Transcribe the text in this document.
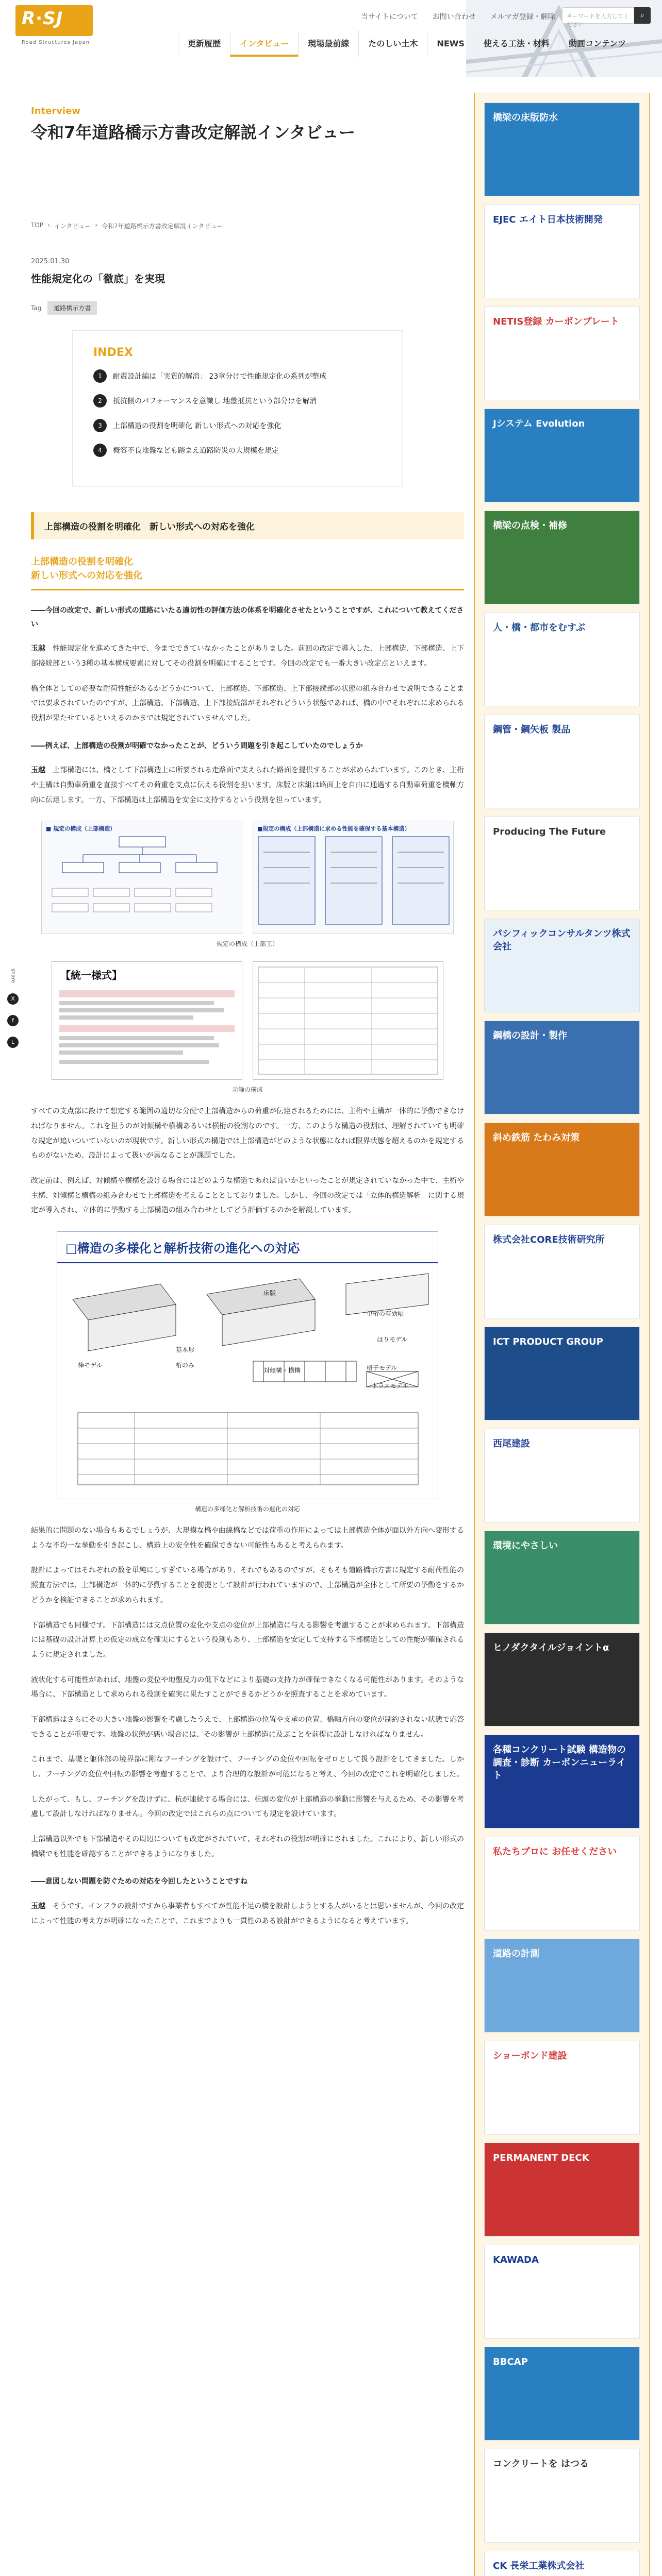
R∙SJ
Road Structures Japan
当サイトについて お問い合わせ メルマガ登録・解除	キーワードを入力してください
⌕
更新履歴	インタビュー	現場最前線	たのしい土木	NEWS	使える工法・材料	動画コンテンツ
Interview
令和7年道路橋示方書改定解説インタビュー
TOP › インタビュー › 令和7年道路橋示方書改定解説インタビュー
share
X
f
L
2025.01.30
性能規定化の「徹底」を実現
Tag	道路橋示方書
INDEX
1	耐震設計編は「実質的解消」 23章分けで性能規定化の系列が整成
2	抵抗側のパフォーマンスを意識し 地盤抵抗という部分けを解消
3	上部構造の役割を明確化 新しい形式への対応を強化
4	概容不良地盤なども踏まえ道路防災の大規模を規定
上部構造の役割を明確化　新しい形式への対応を強化
上部構造の役割を明確化
新しい形式への対応を強化
――今回の改定で、新しい形式の道路にいたる適切性の評価方法の体系を明確化させたということですが、これについて教えてください
玉越　 性能規定化を進めてきた中で、今までできていなかったことがありました。前回の改定で導入した、上部構造、下部構造、上下部接続部という3種の基本構成要素に対してその役割を明確にすることです。今回の改定でも一番大きい改定点といえます。
橋全体としての必要な耐荷性能があるかどうかについて、上部構造、下部構造、上下部接続部の状態の組み合わせで説明できることまでは要求されていたのですが、上部構造、下部構造、上下部接続部がそれぞれどういう状態であれば、橋の中でそれぞれに求められる役割が果たせているといえるのかまでは規定されていませんでした。
――例えば、上部構造の役割が明確でなかったことが、どういう問題を引き起こしていたのでしょうか
玉越　 上部構造には、橋として下部構造上に所要される走路面で支えられた路面を提供することが求められています。このとき、主桁や主構は自動車荷重を直接すべてその荷重を支点に伝える役割を担います。床版と床組は路面上を自由に通過する自動車荷重を橋軸方向に伝達します。一方、下部構造は上部構造を安全に支持するという役割を担っています。
■ 規定の構成（上部構造）	■規定の構成（上部構造に求める性能を確保する基本構造）
規定の構成（上部工）
【統一様式】
示論の構成
すべての支点部に設けて想定する範囲の適切な分配で上部構造からの荷重が伝達されるためには、主桁や主構が一体的に挙動できなければなりません。これを担うのが対傾構や横構あるいは横桁の役割なのです。一方、このような構造の役割は、理解されていても明確な規定が追いついていないのが現状です。新しい形式の構造では上部構造がどのような状態になれば限界状態を超えるのかを規定するものがないため、設計によって扱いが異なることが課題でした。
改定前は、例えば、対傾構や横構を設ける場合にはどのような構造であれば良いかといったことが規定されていなかった中で、主桁や主構、対傾構と横構の組み合わせで上部構造を考えることとしておりました。しかし、今回の改定では「立体的構造解析」に関する規定が導入され、立体的に挙動する上部構造の組み合わせとしてどう評価するのかを解説しています。
□構造の多様化と解析技術の進化への対応
床版
基本形
桁のみ
対傾構・横構
トラスモデル
棒モデル
単桁の有効幅
はりモデル
格子モデル
構造の多様化と解析技術の進化の対応
結果的に問題のない場合もあるでしょうが、大規模な橋や曲線橋などでは荷重の作用によっては上部構造全体が面以外方向へ変形するような不均一な挙動を引き起こし、構造上の安全性を確保できない可能性もあると考えられます。
設計によってはそれぞれの数を単純にしすぎている場合があり、それでもあるのですが、そもそも道路橋示方書に規定する耐荷性能の照査方法では、上部構造が一体的に挙動することを前提として設計が行われていますので、上部構造が全体として所要の挙動をするかどうかを検証できることが求められます。
下部構造でも同様です。下部構造には支点位置の変化や支点の変位が上部構造に与える影響を考慮することが求められます。下部構造には基礎の設計計算上の仮定の成立を確実にするという役割もあり、上部構造を安定して支持する下部構造としての性能が確保されるように規定されました。
液状化する可能性があれば、地盤の変位や地盤反力の低下などにより基礎の支持力が確保できなくなる可能性があります。そのような場合に、下部構造として求められる役割を確実に果たすことができるかどうかを照査することを求めています。
下部構造はさらにその大きい地盤の影響を考慮したうえで、上部構造の位置や支承の位置、橋軸方向の変位が制約されない状態で応答できることが重要です。地盤の状態が悪い場合には、その影響が上部構造に及ぶことを前提に設計しなければなりません。
これまで、基礎と躯体部の境界部に剛なフーチングを設けて、フーチングの変位や回転をゼロとして扱う設計をしてきました。しかし、フーチングの変位や回転の影響を考慮することで、より合理的な設計が可能になると考え、今回の改定でこれを明確化しました。
したがって、もし、フーチングを設けずに、杭が連続する場合には、杭頭の変位が上部構造の挙動に影響を与えるため、その影響を考慮して設計しなければなりません。今回の改定ではこれらの点についても規定を設けています。
上部構造以外でも下部構造やその周辺についても改定がされていて、それぞれの役割が明確にされました。これにより、新しい形式の橋梁でも性能を確認することができるようになりました。
――意図しない問題を防ぐための対応を今回したということですね
玉越　 そうです。インフラの設計ですから事業者もすべてが性能不足の橋を設計しようとする人がいるとは思いませんが、今回の改定によって性能の考え方が明確になったことで、これまでよりも一貫性のある設計ができるようになると考えています。
橋梁の床版防水
EJEC エイト日本技術開発
NETIS登録 カーボンプレート
Jシステム Evolution
橋梁の点検・補修
人・橋・都市をむすぶ
鋼管・鋼矢板 製品
Producing The Future
パシフィックコンサルタンツ株式会社
鋼橋の設計・製作
斜め鉄筋 たわみ対策
株式会社CORE技術研究所
ICT PRODUCT GROUP
西尾建設
環境にやさしい
ヒノダクタイルジョイントα
各種コンクリート試験 構造物の調査・診断 カーボンニューライト
私たちプロに お任せください
道路の計測
ショーボンド建設
PERMANENT DECK
KAWADA
BBCAP
コンクリートを はつる
CK 長栄工業株式会社
